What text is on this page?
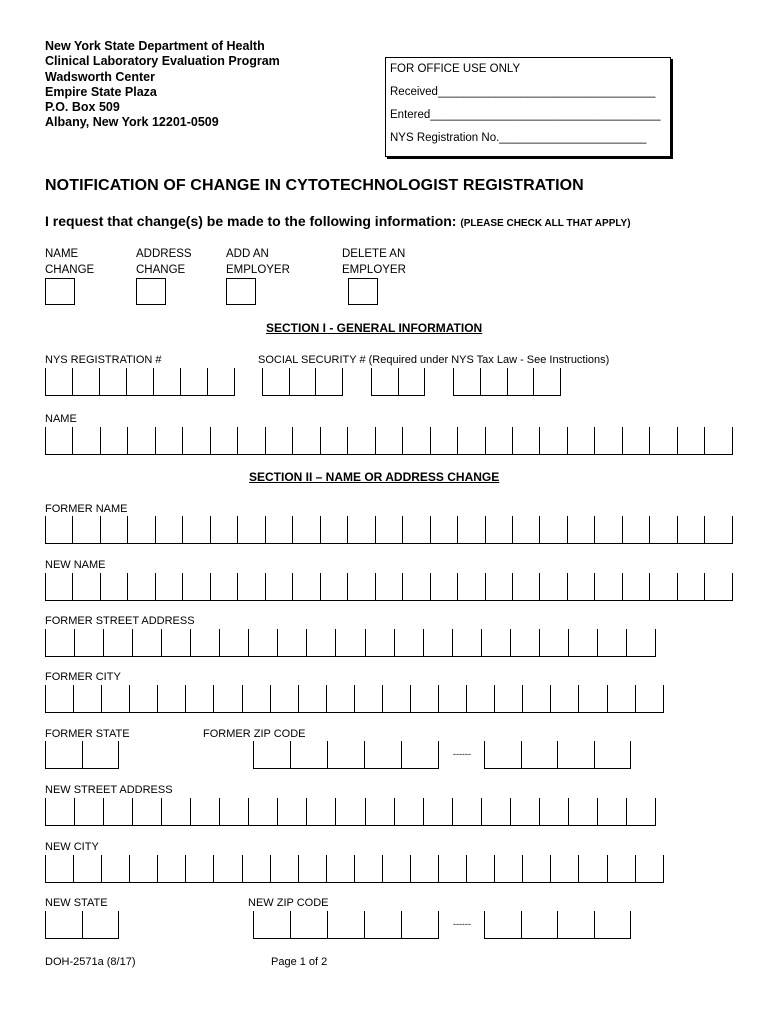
New York State Department of Health
Clinical Laboratory Evaluation Program
Wadsworth Center
Empire State Plaza
P.O. Box 509
Albany, New York 12201-0509
FOR OFFICE USE ONLY
Received__________________________________
Entered____________________________________
NYS Registration No._______________________
NOTIFICATION OF CHANGE IN CYTOTECHNOLOGIST REGISTRATION
I request that change(s) be made to the following information: (PLEASE CHECK ALL THAT APPLY)
NAME
CHANGE
ADDRESS
CHANGE
ADD AN
EMPLOYER
DELETE AN
EMPLOYER
SECTION I - GENERAL INFORMATION
NYS REGISTRATION #	SOCIAL SECURITY # (Required under NYS Tax Law - See Instructions)
NAME
SECTION II – NAME OR ADDRESS CHANGE
FORMER NAME
NEW NAME
FORMER STREET ADDRESS
FORMER CITY
FORMER STATE	FORMER ZIP CODE
------
NEW STREET ADDRESS
NEW CITY
NEW STATE	NEW ZIP CODE
------
DOH-2571a (8/17)	Page 1 of 2
